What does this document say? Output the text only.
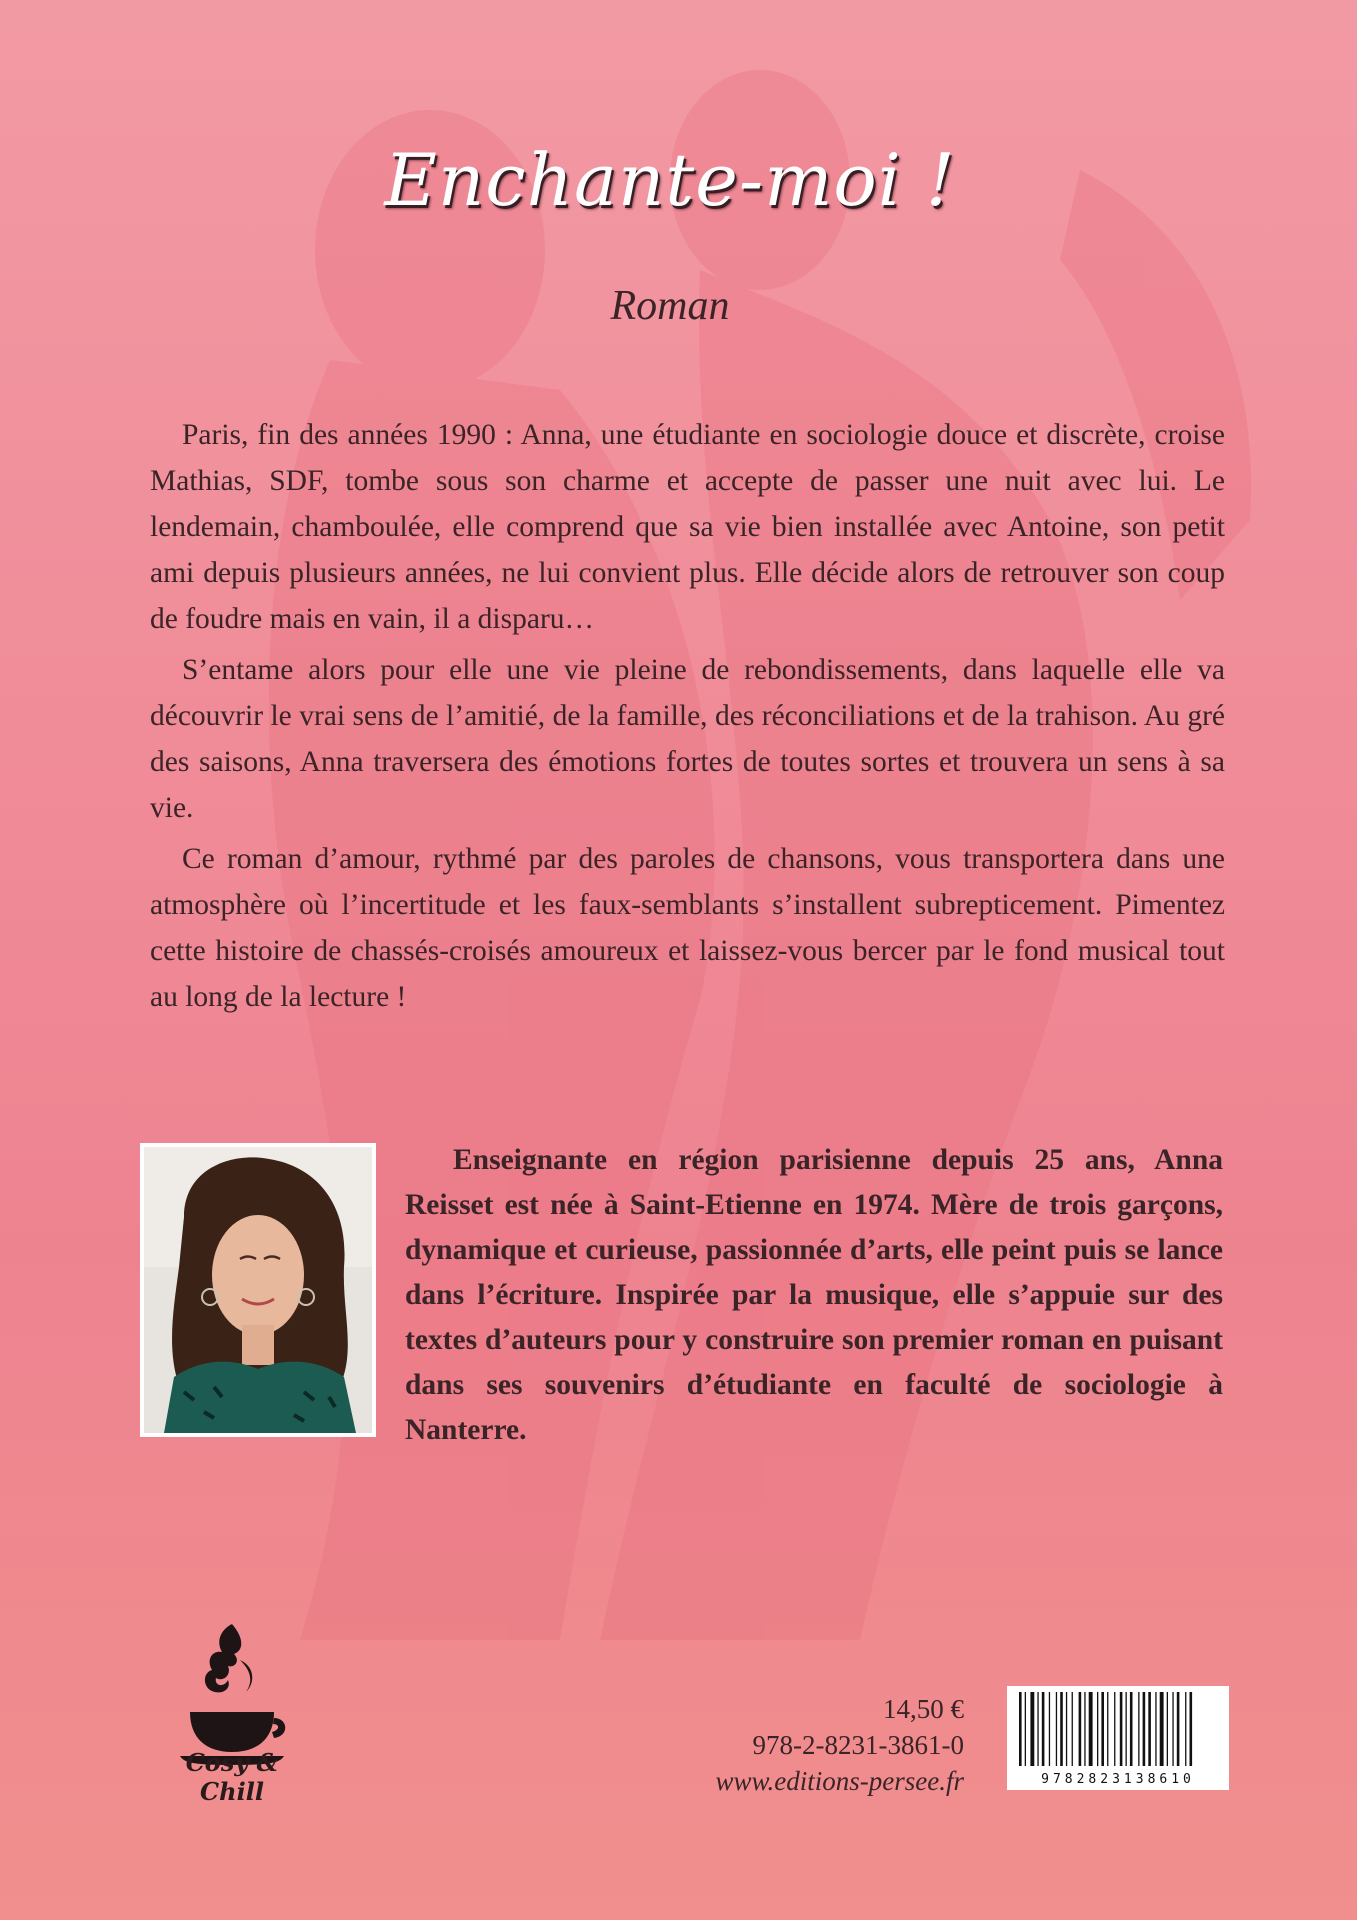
Enchante-moi !
Roman

Paris, fin des années 1990 : Anna, une étudiante en sociologie douce et discrète, croise Mathias, SDF, tombe sous son charme et accepte de passer une nuit avec lui. Le lendemain, chamboulée, elle comprend que sa vie bien installée avec Antoine, son petit ami depuis plusieurs années, ne lui convient plus. Elle décide alors de retrouver son coup de foudre mais en vain, il a disparu…

S’entame alors pour elle une vie pleine de rebondissements, dans laquelle elle va découvrir le vrai sens de l’amitié, de la famille, des réconciliations et de la trahison. Au gré des saisons, Anna traversera des émotions fortes de toutes sortes et trouvera un sens à sa vie.

Ce roman d’amour, rythmé par des paroles de chansons, vous transportera dans une atmosphère où l’incertitude et les faux-semblants s’installent subrepticement. Pimentez cette histoire de chassés-croisés amoureux et laissez-vous bercer par le fond musical tout au long de la lecture !

Enseignante en région parisienne depuis 25 ans, Anna Reisset est née à Saint-Etienne en 1974. Mère de trois garçons, dynamique et curieuse, passionnée d’arts, elle peint puis se lance dans l’écriture. Inspirée par la musique, elle s’appuie sur des textes d’auteurs pour y construire son premier roman en puisant dans ses souvenirs d’étudiante en faculté de sociologie à Nanterre.
Cosy & Chill
14,50 €
978-2-8231-3861-0
www.editions-persee.fr	9782823138610
